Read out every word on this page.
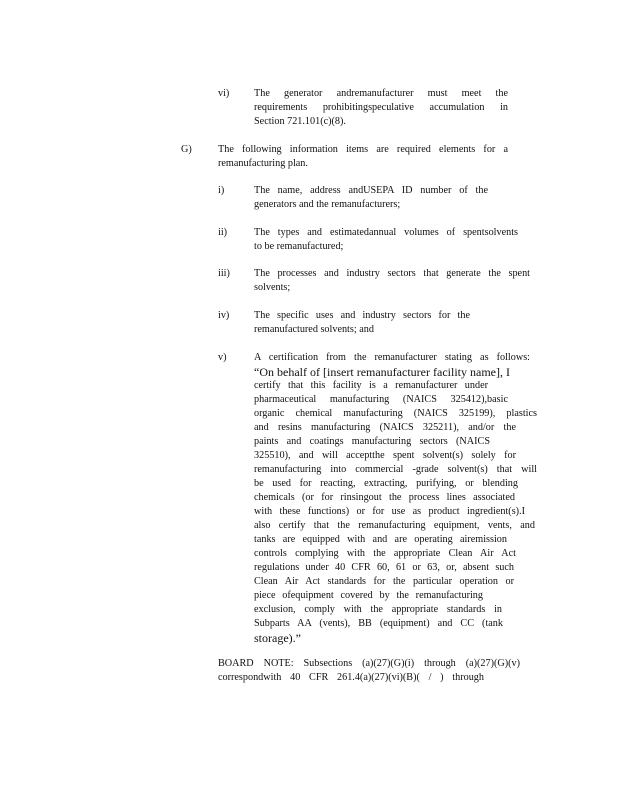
vi) The generator andremanufacturer must meet the
requirements prohibitingspeculative accumulation in
Section 721.101(c)(8).
G)	The following information items are required elements for a
remanufacturing plan.
i)	The name, address andUSEPA ID number of the
generators and the remanufacturers;
ii)	The types and estimatedannual volumes of spentsolvents
to be remanufactured;
iii) The processes and industry sectors that generate the spent
solvents;
iv) The specific uses and industry sectors for the
remanufactured solvents; and
v)	A certification from the remanufacturer stating as follows:
“On behalf of [insert remanufacturer facility name], I
certify that this facility is a remanufacturer under
pharmaceutical manufacturing (NAICS 325412),basic
organic chemical manufacturing (NAICS 325199), plastics
and resins manufacturing (NAICS 325211), and/or the
paints and coatings manufacturing sectors (NAICS
325510), and will acceptthe spent solvent(s) solely for
remanufacturing into commercial -grade solvent(s) that will
be used for reacting, extracting, purifying, or blending
chemicals (or for rinsingout the process lines associated
with these functions) or for use as product ingredient(s).I
also certify that the remanufacturing equipment, vents, and
tanks are equipped with and are operating airemission
controls complying with the appropriate Clean Air Act
regulations under 40 CFR 60, 61 or 63, or, absent such
Clean Air Act standards for the particular operation or
piece ofequipment covered by the remanufacturing
exclusion, comply with the appropriate standards in
Subparts AA (vents), BB (equipment) and CC (tank
storage).”
BOARD NOTE: Subsections (a)(27)(G)(i) through (a)(27)(G)(v)
correspondwith 40 CFR 261.4(a)(27)(vi)(B)( / ) through
